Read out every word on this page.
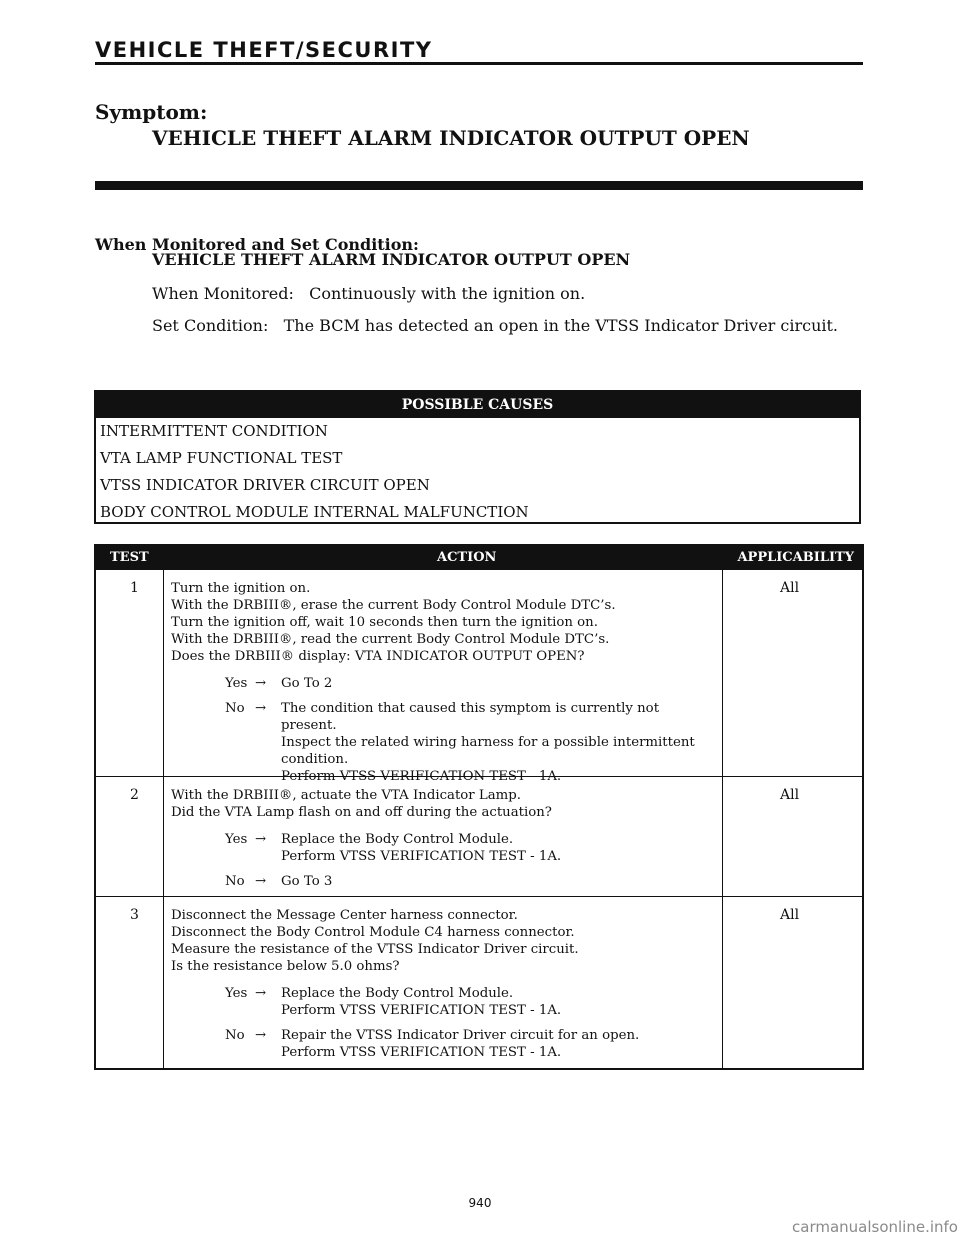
VEHICLE THEFT/SECURITY
Symptom:
VEHICLE THEFT ALARM INDICATOR OUTPUT OPEN
When Monitored and Set Condition:
VEHICLE THEFT ALARM INDICATOR OUTPUT OPEN
When Monitored: Continuously with the ignition on.
Set Condition: The BCM has detected an open in the VTSS Indicator Driver circuit.
POSSIBLE CAUSES
INTERMITTENT CONDITION
VTA LAMP FUNCTIONAL TEST
VTSS INDICATOR DRIVER CIRCUIT OPEN
BODY CONTROL MODULE INTERNAL MALFUNCTION
TEST	ACTION	APPLICABILITY
1 Turn the ignition on.
With the DRBIII®, erase the current Body Control Module DTC’s.
Turn the ignition off, wait 10 seconds then turn the ignition on.
With the DRBIII®, read the current Body Control Module DTC’s.
Does the DRBIII® display: VTA INDICATOR OUTPUT OPEN?
Yes → Go To 2
No → The condition that caused this symptom is currently not present.
Inspect the related wiring harness for a possible intermittent
condition.
Perform VTSS VERIFICATION TEST - 1A.
All
2 With the DRBIII®, actuate the VTA Indicator Lamp.
Did the VTA Lamp flash on and off during the actuation?
Yes → Replace the Body Control Module.
Perform VTSS VERIFICATION TEST - 1A.
No → Go To 3
All
3 Disconnect the Message Center harness connector.
Disconnect the Body Control Module C4 harness connector.
Measure the resistance of the VTSS Indicator Driver circuit.
Is the resistance below 5.0 ohms?
Yes → Replace the Body Control Module.
Perform VTSS VERIFICATION TEST - 1A.
No → Repair the VTSS Indicator Driver circuit for an open.
Perform VTSS VERIFICATION TEST - 1A.
All
940
carmanualsonline.info
